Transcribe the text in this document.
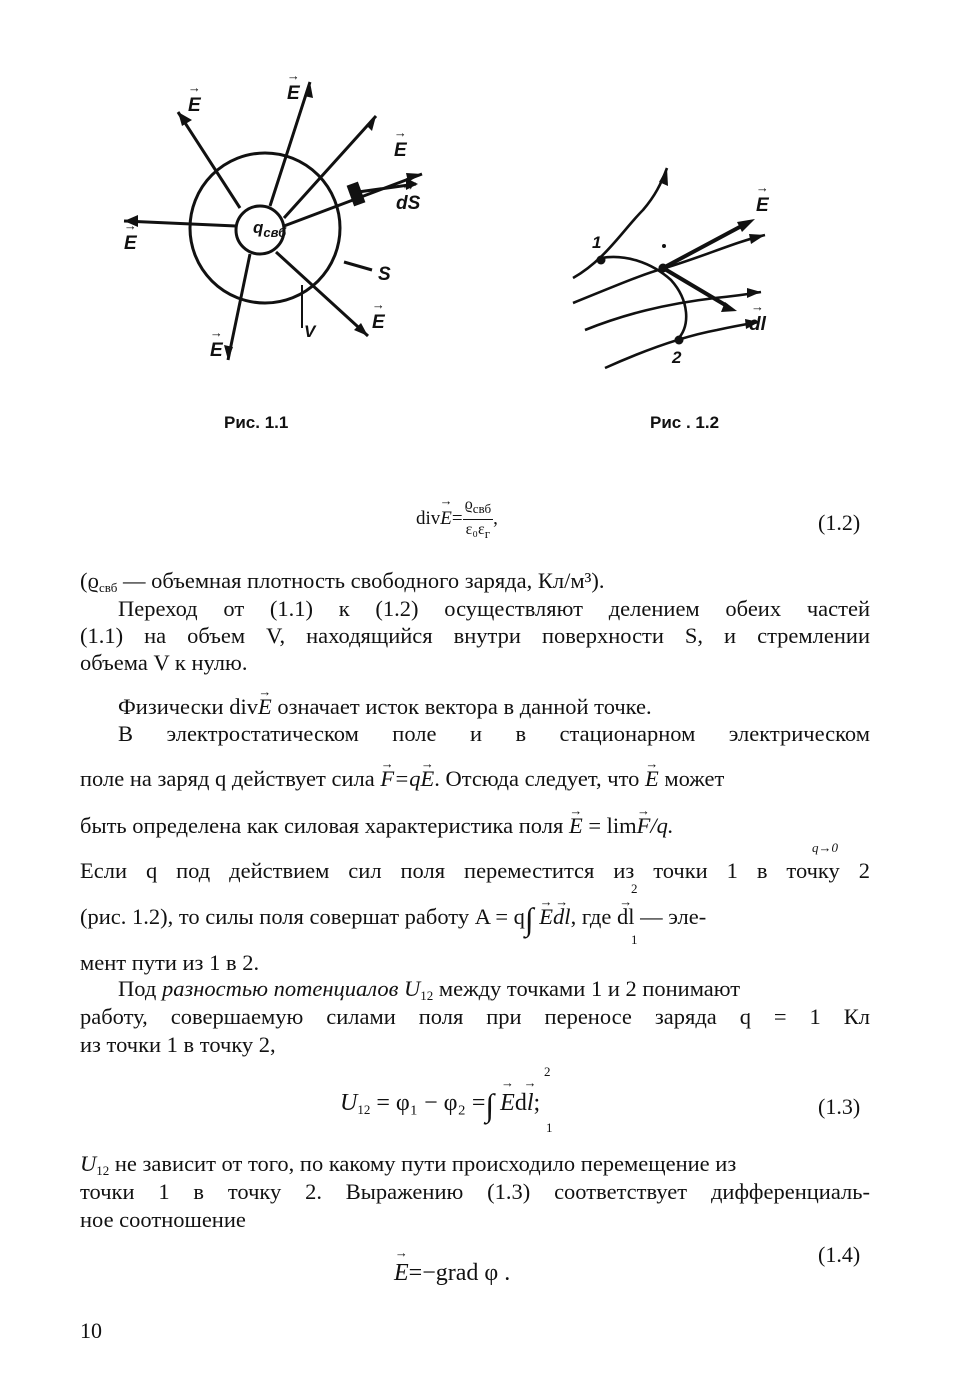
→ E
→ E
→ E
→ dS
→ E
$q_{свб}$
S
V	→ E
→ E
Рис. 1.1
1
→ E
→ dl
2
Рис . 1.2
$div\to E= \frac{ϱ_{свб}}{\varepsilon_0\varepsilon_г}$ ,	(1.2)
($ϱ_{свб}$ — объемная плотность свободного заряда, Кл/м³).
Переход от (1.1) к (1.2) осуществляют делением обеих частей
(1.1) на объем V, находящийся внутри поверхности S, и стремлении
объема V к нулю.
Физически div→ E означает исток вектора в данной точке.
В электростатическом поле и в стационарном электрическом
поле на заряд q действует сила → F=q→ E. Отсюда следует, что → E может
быть определена как силовая характеристика поля → E = lim→ F/q.
q→0
Если q под действием сил поля переместится из точки 1 в точку 2
(рис. 1.2), то силы поля совершат работу A = q∫ → E→ dl, где → dl — эле-
2
1
мент пути из 1 в 2.
Под разностью потенциалов $U_{12}$ между точками 1 и 2 понимают
работу, совершаемую силами поля при переносе заряда q = 1 Кл
из точки 1 в точку 2,
$U_{12} = \varphi_1 - \varphi_2$ =∫ → Ed→ l;
2
1
(1.3)
$U_{12}$ не зависит от того, по какому пути происходило перемещение из
точки 1 в точку 2. Выражению (1.3) соответствует дифференциаль-
ное соотношение
→ E=−grad φ .
(1.4)
10
